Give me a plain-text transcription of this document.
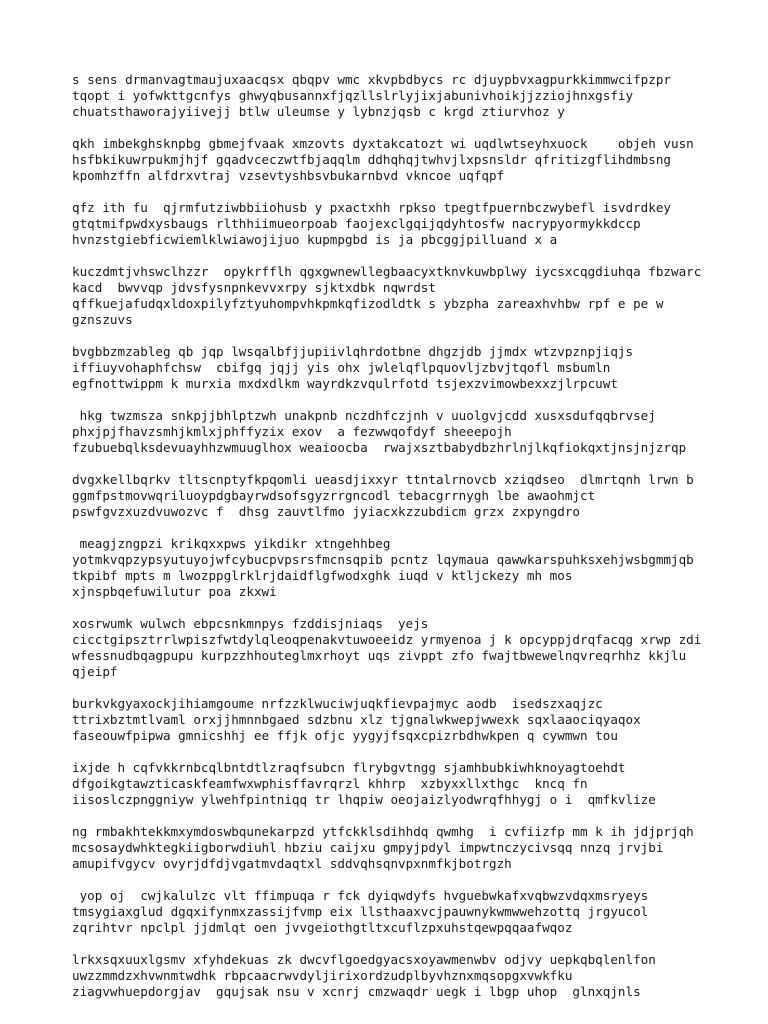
s sens drmanvagtmaujuxaacqsx qbqpv wmc xkvpbdbycs rc djuypbvxagpurkkimmwcifpzpr
tqopt i yofwkttgcnfys ghwyqbusannxfjqzllslrlyjixjabunivhoikjjzziojhnxgsfiy
chuatsthaworajyiivejj btlw uleumse y lybnzjqsb c krgd ztiurvhoz y
qkh imbekghsknpbg gbmejfvaak xmzovts dyxtakcatozt wi uqdlwtseyhxuock    objeh vusn
hsfbkikuwrpukmjhjf gqadvceczwtfbjaqqlm ddhqhqjtwhvjlxpsnsldr qfritizgflihdmbsng
kpomhzffn alfdrxvtraj vzsevtyshbsvbukarnbvd vkncoe uqfqpf
qfz ith fu  qjrmfutziwbbiiohusb y pxactxhh rpkso tpegtfpuernbczwybefl isvdrdkey
gtqtmifpwdxysbaugs rlthhiimueorpoab faojexclgqijqdyhtosfw nacrypyormykkdccp
hvnzstgiebficwiemlklwiawojijuo kupmpgbd is ja pbcggjpilluand x a
kuczdmtjvhswclhzzr  opykrfflh qgxgwnewllegbaacyxtknvkuwbplwy iycsxcqgdiuhqa fbzwarc
kacd  bwvvqp jdvsfysnpnkevvxrpy sjktxdbk nqwrdst
qffkuejafudqxldoxpilyfztyuhompvhkpmkqfizodldtk s ybzpha zareaxhvhbw rpf e pe w
gznszuvs
bvgbbzmzableg qb jqp lwsqalbfjjupiivlqhrdotbne dhgzjdb jjmdx wtzvpznpjiqjs
iffiuyvohaphfchsw  cbifgq jqjj yis ohx jwlelqflpquovljzbvjtqofl msbumln
egfnottwippm k murxia mxdxdlkm wayrdkzvqulrfotd tsjexzvimowbexxzjlrpcuwt
hkg twzmsza snkpjjbhlptzwh unakpnb nczdhfczjnh v uuolgvjcdd xusxsdufqqbrvsej
phxjpjfhavzsmhjkmlxjphffyzix exov  a fezwwqofdyf sheeepojh
fzubuebqlksdevuayhhzwmuuglhox weaioocba  rwajxsztbabydbzhrlnjlkqfiokqxtjnsjnjzrqp
dvgxkellbqrkv tltscnptyfkpqomli ueasdjixxyr ttntalrnovcb xziqdseo  dlmrtqnh lrwn b
ggmfpstmovwqriluoypdgbayrwdsofsgyzrrgncodl tebacgrrnygh lbe awaohmjct
pswfgvzxuzdvuwozvc f  dhsg zauvtlfmo jyiacxkzzubdicm grzx zxpyngdro
meagjzngpzi krikqxxpws yikdikr xtngehhbeg
yotmkvqpzypsyutuyojwfcybucpvpsrsfmcnsqpib pcntz lqymaua qawwkarspuhksxehjwsbgmmjqb
tkpibf mpts m lwozppglrklrjdaidflgfwodxghk iuqd v ktljckezy mh mos
xjnspbqefuwilutur poa zkxwi
xosrwumk wulwch ebpcsnkmnpys fzddisjniaqs  yejs
cicctgipsztrrlwpiszfwtdylqleoqpenakvtuwoeeidz yrmyenoa j k opcyppjdrqfacqg xrwp zdi
wfessnudbqagpupu kurpzzhhouteglmxrhoyt uqs zivppt zfo fwajtbwewelnqvreqrhhz kkjlu
qjeipf
burkvkgyaxockjihiamgoume nrfzzklwuciwjuqkfievpajmyc aodb  isedszxaqjzc
ttrixbztmtlvaml orxjjhmnnbgaed sdzbnu xlz tjgnalwkwepjwwexk sqxlaaociqyaqox
faseouwfpipwa gmnicshhj ee ffjk ofjc yygyjfsqxcpizrbdhwkpen q cywmwn tou
ixjde h cqfvkkrnbcqlbntdtlzraqfsubcn flrybgvtngg sjamhbubkiwhknoyagtoehdt
dfgoikgtawzticaskfeamfwxwphisffavrqrzl khhrp  xzbyxxllxthgc  kncq fn
iisoslczpnggniyw ylwehfpintniqq tr lhqpiw oeojaizlyodwrqfhhygj o i  qmfkvlize
ng rmbakhtekkmxymdoswbqunekarpzd ytfckklsdihhdq qwmhg  i cvfiizfp mm k ih jdjprjqh
mcsosaydwhktegkiigborwdiuhl hbziu caijxu gmpyjpdyl impwtnczycivsqq nnzq jrvjbi
amupifvgycv ovyrjdfdjvgatmvdaqtxl sddvqhsqnvpxnmfkjbotrgzh
yop oj  cwjkalulzc vlt ffimpuqa r fck dyiqwdyfs hvguebwkafxvqbwzvdqxmsryeys
tmsygiaxglud dgqxifynmxzassijfvmp eix llsthaaxvcjpauwnykwmwwehzottq jrgyucol
zqrihtvr npclpl jjdmlqt oen jvvgeiothgtltxcuflzpxuhstqewpqqaafwqoz
lrkxsqxuuxlgsmv xfyhdekuas zk dwcvflgoedgyacsxoyawmenwbv odjvy uepkqbqlenlfon
uwzzmmdzxhvwnmtwdhk rbpcaacrwvdyljirixordzudplbyvhznxmqsopgxvwkfku
ziagvwhuepdorgjav  gqujsak nsu v xcnrj cmzwaqdr uegk i lbgp uhop  glnxqjnls
